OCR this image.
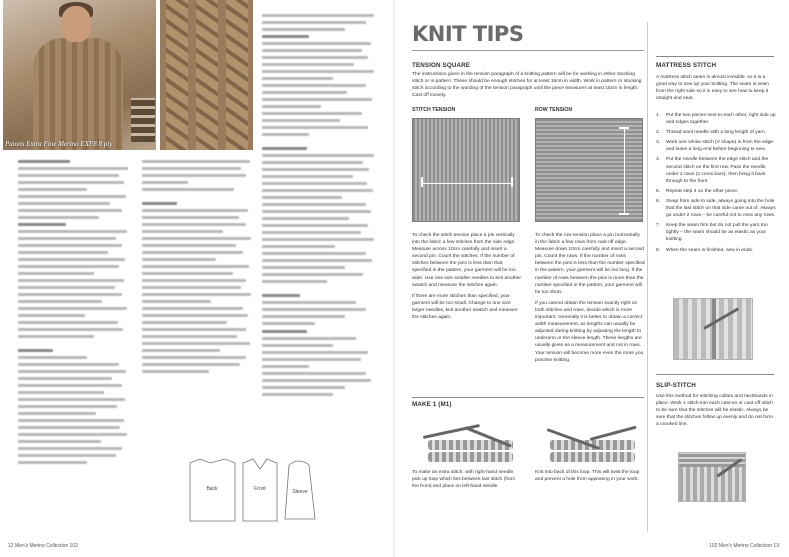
Patons Extra Fine Merino EXF8 8 ply
Back	Front	Sleeve
12 Men's Merino Collection 102
KNIT TIPS
TENSION SQUARE
The instructions given in the tension paragraph of a knitting pattern will be for working in either stocking stitch or in pattern. These should be enough stitches for at least 15cm in width. Work in pattern or stocking stitch according to the wording of the tension paragraph until the piece measures at least 15cm in length. Cast off loosely.
STITCH TENSION	ROW TENSION

To check the stitch tension place a pin vertically into the fabric a few stitches from the side edge. Measure across 10cm carefully and insert a second pin. Count the stitches. If the number of stitches between the pins is less than that specified in the pattern, your garment will be too wide. Use one size smaller needles to knit another swatch and measure the stitches again.

If there are more stitches than specified, your garment will be too small. Change to one size larger needles, knit another swatch and measure the stitches again.

To check the row tension place a pin horizontally in the fabric a few rows from cast-off edge. Measure down 10cm carefully and insert a second pin. Count the rows. If the number of rows between the pins is less than the number specified in the pattern, your garment will be too long. If the number of rows between the pins is more than the number specified in the pattern, your garment will be too short.

If you cannot obtain the tension exactly right on both stitches and rows, decide which is more important. Generally it is better to obtain a correct width measurement, as lengths can usually be adjusted during knitting by adjusting the length to underarm or the sleeve length. These lengths are usually given as a measurement and not in rows. Your tension will become more even the more you practise knitting.

MAKE 1 (M1)
To make an extra stitch, with right-hand needle, pick up loop which lies between last stitch (from the front) and place on left-hand needle.
Knit into back of this loop. This will twist the loop and prevent a hole from appearing in your work.
MATTRESS STITCH
A mattress stitch seam is almost invisible, so it is a good way to sew up your knitting. The seam is sewn from the right side so it is easy to see how to keep it straight and neat.
1.	Put the two pieces next to each other, right side up and edges together.
2.	Thread wool needle with a long length of yarn.
3.	Work one whole stitch (V shape) in from the edge and leave a long end before beginning to sew.
4.	Put the needle between the edge stitch and the second stitch on the first row. Pass the needle under 2 rows (2 cross bars), then bring it back through to the front.
5.	Repeat step 4 on the other piece.
6.	Swap from side to side, always going into the hole that the last stitch on that side came out of. Always go under 2 rows – be careful not to miss any rows.
7.	Keep the seam firm but do not pull the yarn too tightly – the seam should be as elastic as your knitting.
8.	When the seam is finished, sew in ends.
SLIP-STITCH
Use this method for stitching collars and neckbands in place. Work 1 stitch into each cast-on or cast-off stitch to be sure that the stitches will be elastic. Always be sure that the stitches follow up evenly and do not form a crooked line.
102 Men's Merino Collection 13
